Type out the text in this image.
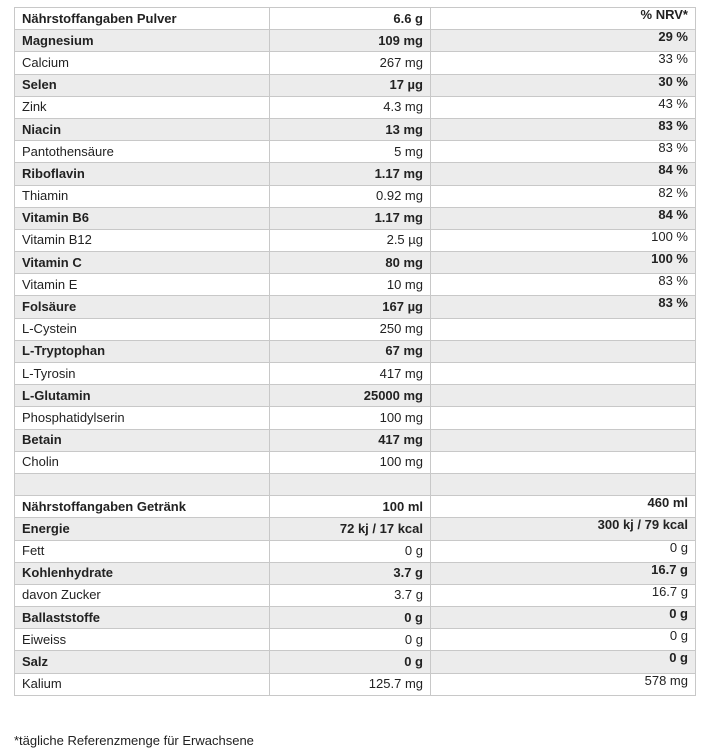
Nährstoffangaben Pulver	6.6 g	% NRV*
Magnesium	109 mg	29 %
Calcium	267 mg	33 %
Selen	17 µg	30 %
Zink	4.3 mg	43 %
Niacin	13 mg	83 %
Pantothensäure	5 mg	83 %
Riboflavin	1.17 mg	84 %
Thiamin	0.92 mg	82 %
Vitamin B6	1.17 mg	84 %
Vitamin B12	2.5 µg	100 %
Vitamin C	80 mg	100 %
Vitamin E	10 mg	83 %
Folsäure	167 µg	83 %
L-Cystein	250 mg	
L-Tryptophan	67 mg	
L-Tyrosin	417 mg	
L-Glutamin	25000 mg	
Phosphatidylserin	100 mg	
Betain	417 mg	
Cholin	100 mg	

Nährstoffangaben Getränk	100 ml	460 ml
Energie	72 kj / 17 kcal	300 kj / 79 kcal
Fett	0 g	0 g
Kohlenhydrate	3.7 g	16.7 g
davon Zucker	3.7 g	16.7 g
Ballaststoffe	0 g	0 g
Eiweiss	0 g	0 g
Salz	0 g	0 g
Kalium	125.7 mg	578 mg
*tägliche Referenzmenge für Erwachsene
